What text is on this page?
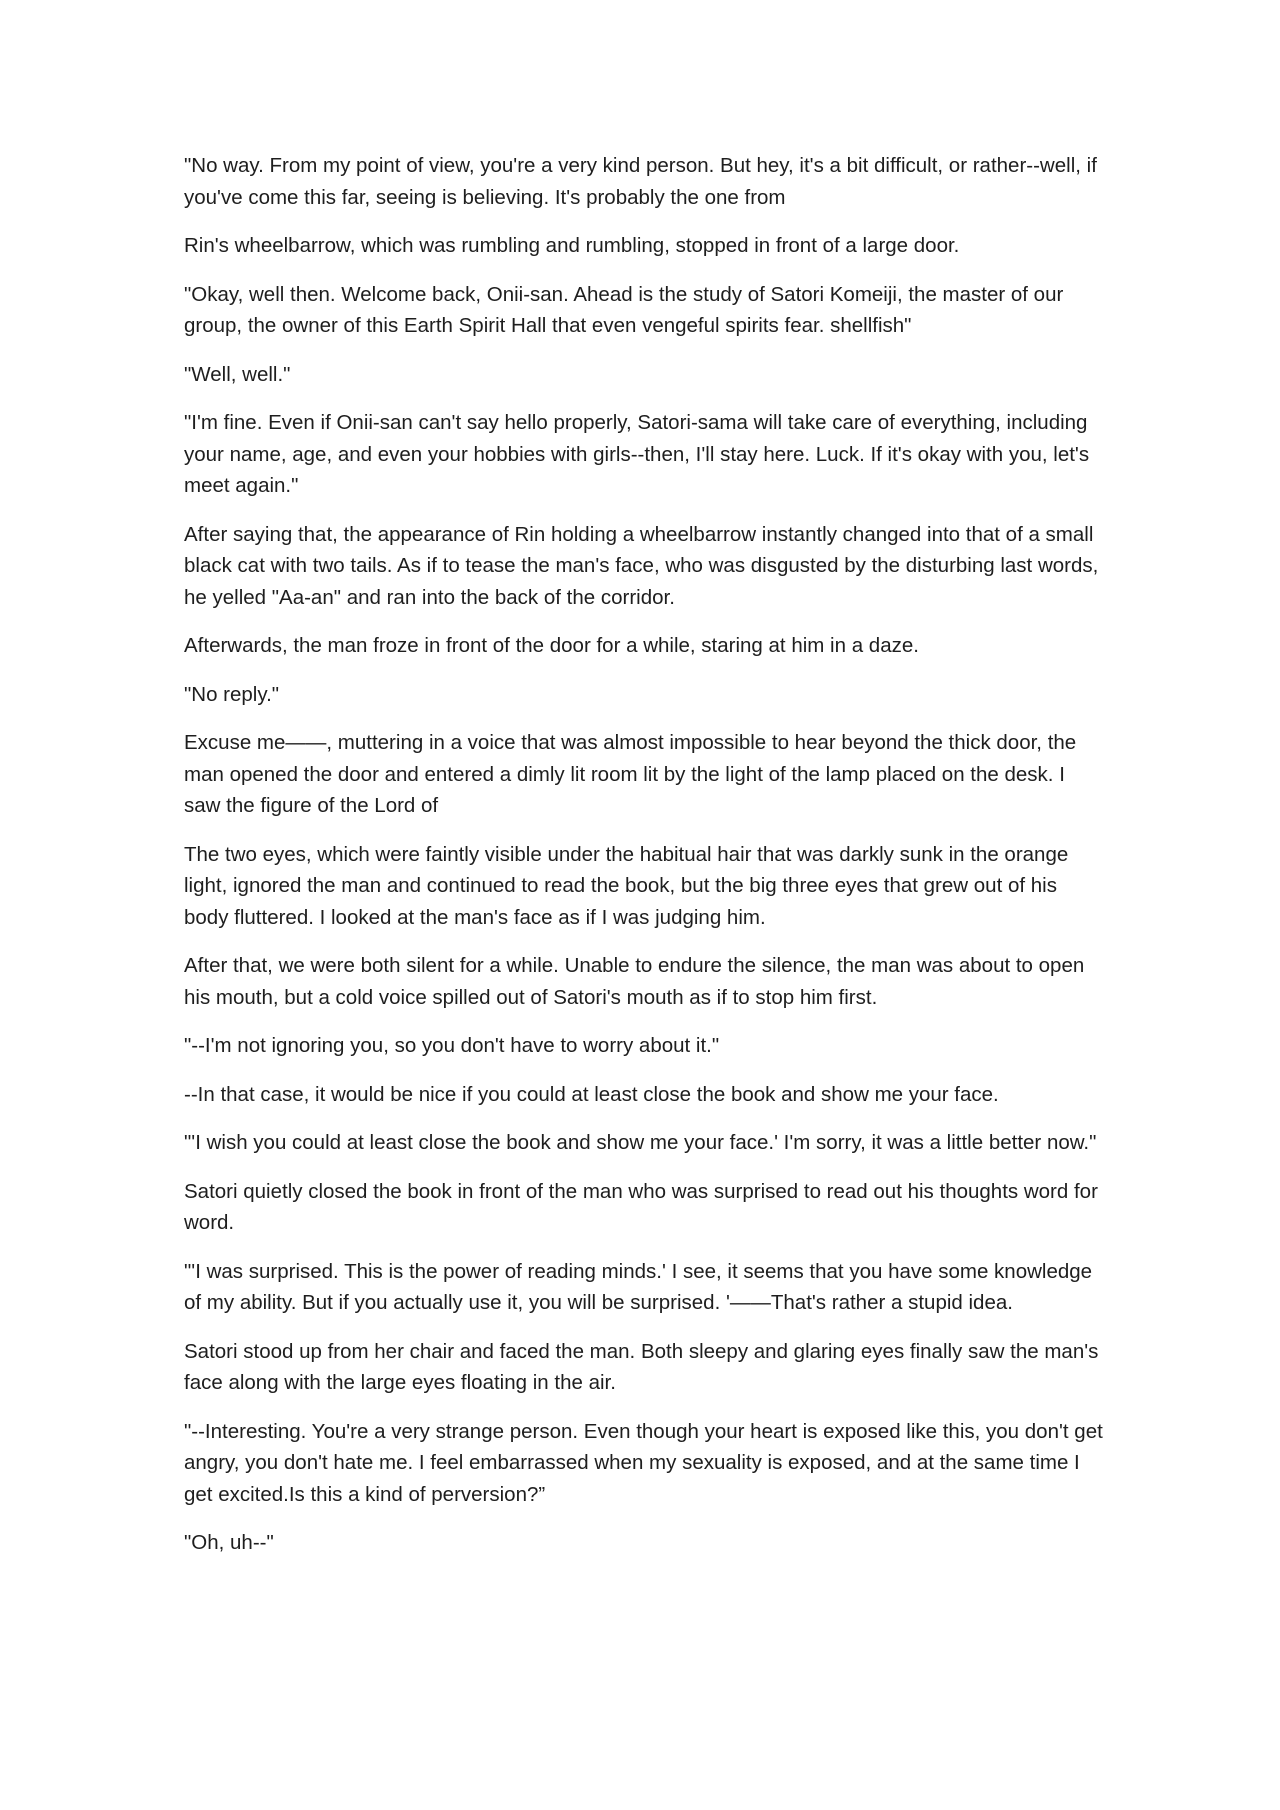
"No way. From my point of view, you're a very kind person. But hey, it's a bit difficult, or rather--well, if you've come this far, seeing is believing. It's probably the one from

Rin's wheelbarrow, which was rumbling and rumbling, stopped in front of a large door.

"Okay, well then. Welcome back, Onii-san. Ahead is the study of Satori Komeiji, the master of our group, the owner of this Earth Spirit Hall that even vengeful spirits fear. shellfish"

"Well, well."

"I'm fine. Even if Onii-san can't say hello properly, Satori-sama will take care of everything, including your name, age, and even your hobbies with girls--then, I'll stay here. Luck. If it's okay with you, let's meet again."

After saying that, the appearance of Rin holding a wheelbarrow instantly changed into that of a small black cat with two tails. As if to tease the man's face, who was disgusted by the disturbing last words, he yelled "Aa-an" and ran into the back of the corridor.

Afterwards, the man froze in front of the door for a while, staring at him in a daze.

"No reply."

Excuse me——, muttering in a voice that was almost impossible to hear beyond the thick door, the man opened the door and entered a dimly lit room lit by the light of the lamp placed on the desk. I saw the figure of the Lord of

The two eyes, which were faintly visible under the habitual hair that was darkly sunk in the orange light, ignored the man and continued to read the book, but the big three eyes that grew out of his body fluttered. I looked at the man's face as if I was judging him.

After that, we were both silent for a while. Unable to endure the silence, the man was about to open his mouth, but a cold voice spilled out of Satori's mouth as if to stop him first.

"--I'm not ignoring you, so you don't have to worry about it."

--In that case, it would be nice if you could at least close the book and show me your face.

"'I wish you could at least close the book and show me your face.' I'm sorry, it was a little better now."

Satori quietly closed the book in front of the man who was surprised to read out his thoughts word for word.

"'I was surprised. This is the power of reading minds.' I see, it seems that you have some knowledge of my ability. But if you actually use it, you will be surprised. '——That's rather a stupid idea.

Satori stood up from her chair and faced the man. Both sleepy and glaring eyes finally saw the man's face along with the large eyes floating in the air.

"--Interesting. You're a very strange person. Even though your heart is exposed like this, you don't get angry, you don't hate me. I feel embarrassed when my sexuality is exposed, and at the same time I get excited.Is this a kind of perversion?”

"Oh, uh--"
